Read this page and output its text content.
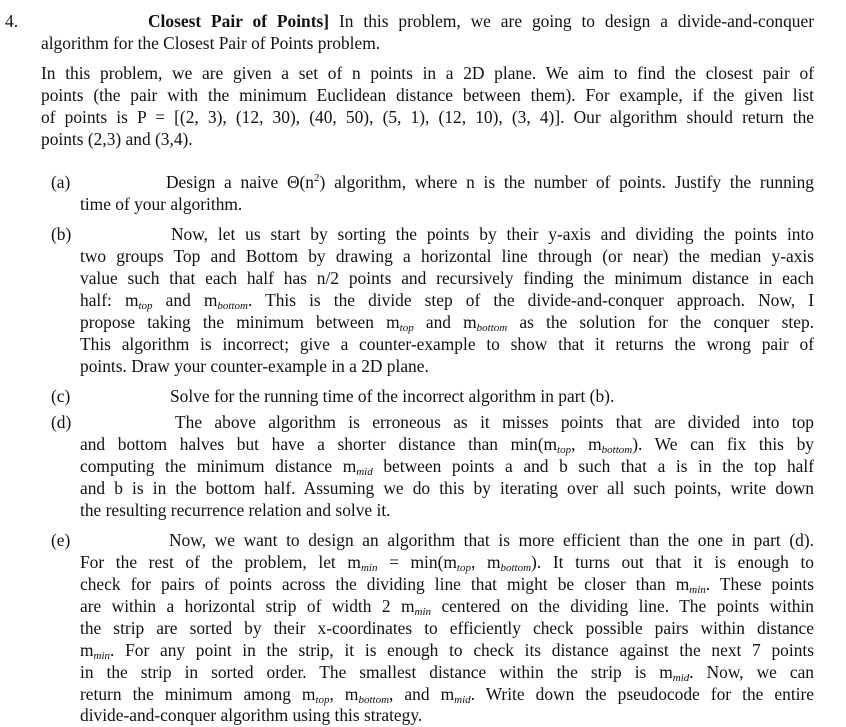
4.	Closest Pair of Points] In this problem, we are going to design a divide-and-conquer
algorithm for the Closest Pair of Points problem.
In this problem, we are given a set of n points in a 2D plane. We aim to find the closest pair of
points (the pair with the minimum Euclidean distance between them). For example, if the given list
of points is P = [(2, 3), (12, 30), (40, 50), (5, 1), (12, 10), (3, 4)]. Our algorithm should return the
points (2,3) and (3,4).
(a)	Design a naive $\Theta(n^2)$ algorithm, where n is the number of points. Justify the running
time of your algorithm.
(b)	Now, let us start by sorting the points by their y-axis and dividing the points into
two groups Top and Bottom by drawing a horizontal line through (or near) the median y-axis
value such that each half has n/2 points and recursively finding the minimum distance in each
half: $m_{top}$ and $m_{bottom}$. This is the divide step of the divide-and-conquer approach. Now, I
propose taking the minimum between $m_{top}$ and $m_{bottom}$ as the solution for the conquer step.
This algorithm is incorrect; give a counter-example to show that it returns the wrong pair of
points. Draw your counter-example in a 2D plane.
(c)	Solve for the running time of the incorrect algorithm in part (b).
(d)	The above algorithm is erroneous as it misses points that are divided into top
and bottom halves but have a shorter distance than $\min(m_{top}$, $m_{bottom}$). We can fix this by
computing the minimum distance $m_{mid}$ between points a and b such that a is in the top half
and b is in the bottom half. Assuming we do this by iterating over all such points, write down
the resulting recurrence relation and solve it.
(e)	Now, we want to design an algorithm that is more efficient than the one in part (d).
For the rest of the problem, let $m_{min} = \min(m_{top}$, $m_{bottom}$). It turns out that it is enough to
check for pairs of points across the dividing line that might be closer than $m_{min}$. These points
are within a horizontal strip of width 2 $m_{min}$ centered on the dividing line. The points within
the strip are sorted by their x-coordinates to efficiently check possible pairs within distance
$m_{min}$. For any point in the strip, it is enough to check its distance against the next 7 points
in the strip in sorted order. The smallest distance within the strip is $m_{mid}$. Now, we can
return the minimum among $m_{top}$, $m_{bottom}$, and $m_{mid}$. Write down the pseudocode for the entire
divide-and-conquer algorithm using this strategy.
